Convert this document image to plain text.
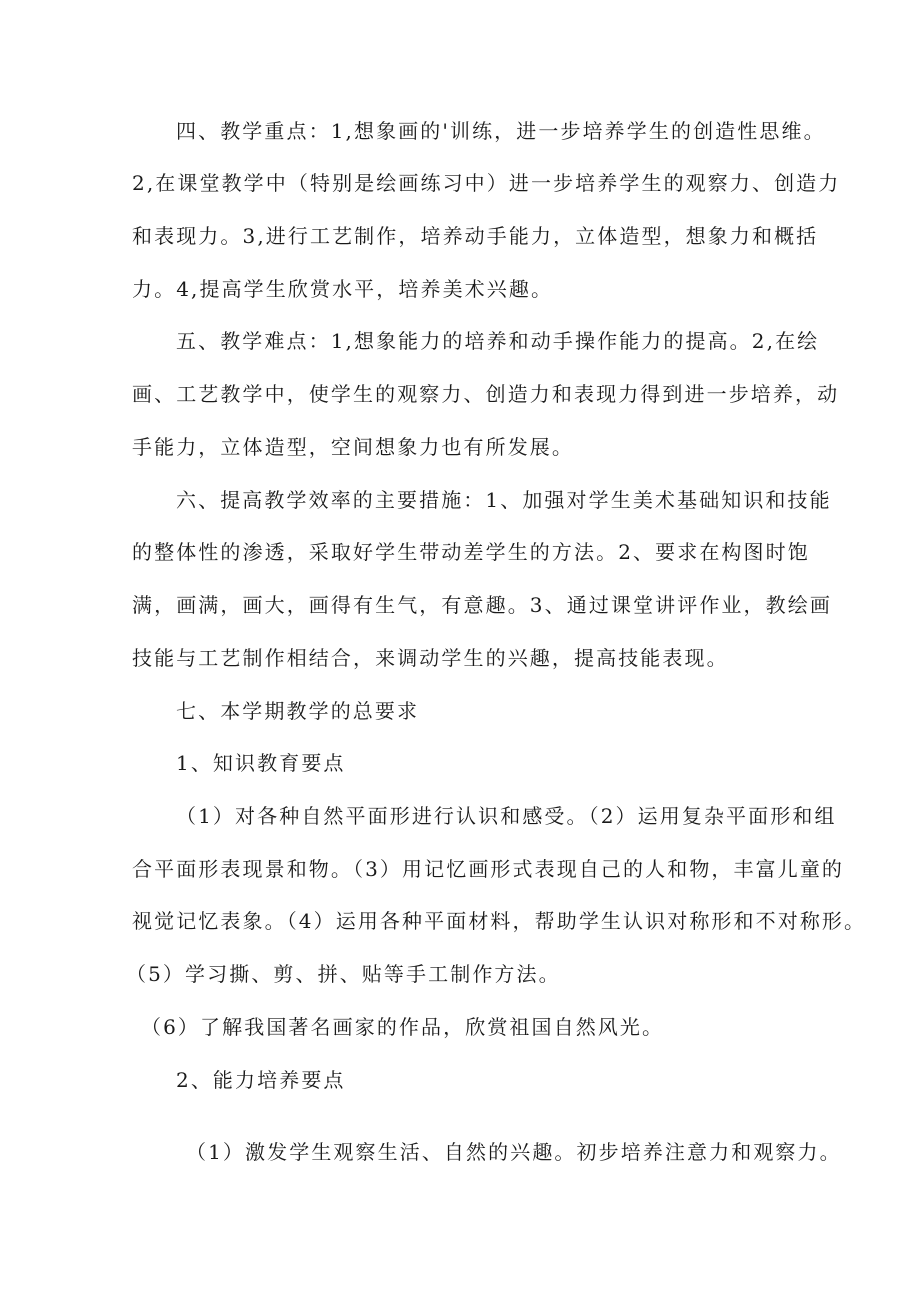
四、教学重点：1,想象画的'训练，进一步培养学生的创造性思维。
2,在课堂教学中（特别是绘画练习中）进一步培养学生的观察力、创造力
和表现力。3,进行工艺制作，培养动手能力，立体造型，想象力和概括
力。4,提高学生欣赏水平，培养美术兴趣。
五、教学难点：1,想象能力的培养和动手操作能力的提高。2,在绘
画、工艺教学中，使学生的观察力、创造力和表现力得到进一步培养，动
手能力，立体造型，空间想象力也有所发展。
六、提高教学效率的主要措施：1、加强对学生美术基础知识和技能
的整体性的渗透，采取好学生带动差学生的方法。2、要求在构图时饱
满，画满，画大，画得有生气，有意趣。3、通过课堂讲评作业，教绘画
技能与工艺制作相结合，来调动学生的兴趣，提高技能表现。
七、本学期教学的总要求
1、知识教育要点
（1）对各种自然平面形进行认识和感受。（2）运用复杂平面形和组
合平面形表现景和物。（3）用记忆画形式表现自己的人和物，丰富儿童的
视觉记忆表象。（4）运用各种平面材料，帮助学生认识对称形和不对称形。
（5）学习撕、剪、拼、贴等手工制作方法。
（6）了解我国著名画家的作品，欣赏祖国自然风光。
2、能力培养要点
（1）激发学生观察生活、自然的兴趣。初步培养注意力和观察力。
